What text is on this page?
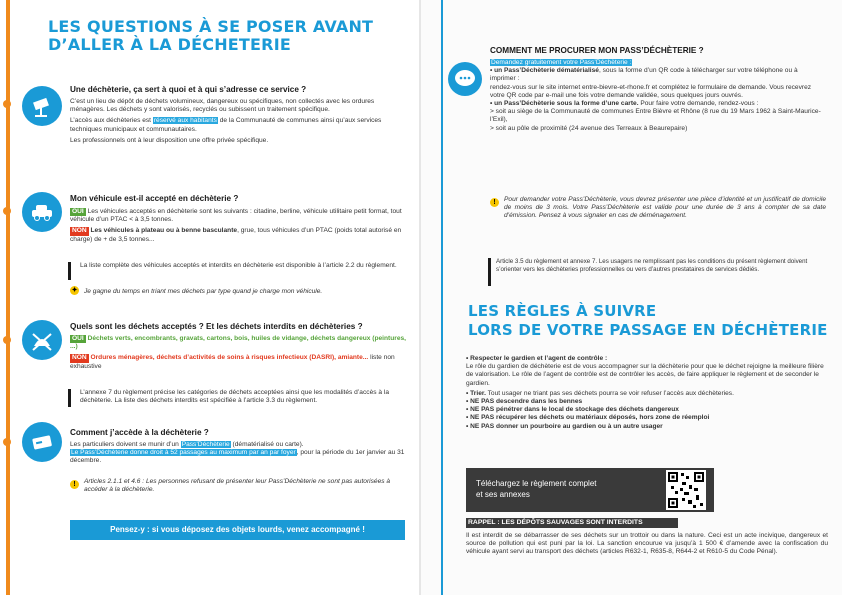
LES QUESTIONS À SE POSER AVANT
D’ALLER À LA DÉCHETERIE
Une déchèterie, ça sert à quoi et à qui s’adresse ce service ?
C’est un lieu de dépôt de déchets volumineux, dangereux ou spécifiques, non collectés avec les ordures ménagères. Les déchets y sont valorisés, recyclés ou subissent un traitement spécifique.
L’accès aux déchèteries est réservé aux habitants de la Communauté de communes ainsi qu’aux services techniques municipaux et communautaires.
Les professionnels ont à leur disposition une offre privée spécifique.
Mon véhicule est-il accepté en déchèterie ?
OUI Les véhicules acceptés en déchèterie sont les suivants : citadine, berline, véhicule utilitaire petit format, tout véhicule d’un PTAC < à 3,5 tonnes.
NON Les véhicules à plateau ou à benne basculante, grue, tous véhicules d’un PTAC (poids total autorisé en charge) de + de 3,5 tonnes...
La liste complète des véhicules acceptés et interdits en déchèterie est disponible à l’article 2.2 du règlement.
✦ Je gagne du temps en triant mes déchets par type quand je charge mon véhicule.
Quels sont les déchets acceptés ? Et les déchets interdits en déchèteries ?
OUI Déchets verts, encombrants, gravats, cartons, bois, huiles de vidange, déchets dangereux (peintures, ...)
NON Ordures ménagères, déchets d’activités de soins à risques infectieux (DASRI), amiante... liste non exhaustive
L’annexe 7 du règlement précise les catégories de déchets acceptées ainsi que les modalités d’accès à la déchèterie. La liste des déchets interdits est spécifiée à l’article 3.3 du règlement.
Comment j’accède à la déchèterie ?
Les particuliers doivent se munir d’un Pass’Déchèterie (dématérialisé ou carte).
Le Pass’Déchèterie donne droit à 52 passages au maximum par an par foyer, pour la période du 1er janvier au 31 décembre.
!	Articles 2.1.1 et 4.6 : Les personnes refusant de présenter leur Pass’Déchèterie ne sont pas autorisées à accéder à la déchèterie.
Pensez-y : si vous déposez des objets lourds, venez accompagné !
COMMENT ME PROCURER MON PASS’DÉCHÈTERIE ?
Demandez gratuitement votre Pass’Déchèterie :
• un Pass’Déchèterie dématérialisé, sous la forme d’un QR code à télécharger sur votre téléphone ou à imprimer :
rendez-vous sur le site internet entre-bievre-et-rhone.fr et complétez le formulaire de demande. Vous recevrez votre QR code par e-mail une fois votre demande validée, sous quelques jours ouvrés.
• un Pass’Déchèterie sous la forme d’une carte. Pour faire votre demande, rendez-vous :
> soit au siège de la Communauté de communes Entre Bièvre et Rhône (8 rue du 19 Mars 1962 à Saint-Maurice-l’Exil),
> soit au pôle de proximité (24 avenue des Terreaux à Beaurepaire)
!	Pour demander votre Pass’Déchèterie, vous devrez présenter une pièce d’identité et un justificatif de domicile de moins de 3 mois. Votre Pass’Déchèterie est valide pour une durée de 3 ans à compter de sa date d’émission. Pensez à vous signaler en cas de déménagement.
Article 3.5 du règlement et annexe 7. Les usagers ne remplissant pas les conditions du présent règlement doivent s’orienter vers les déchèteries professionnelles ou vers d’autres prestataires de services dédiés.
LES RÈGLES À SUIVRE
LORS DE VOTRE PASSAGE EN DÉCHÈTERIE
• Respecter le gardien et l’agent de contrôle :
Le rôle du gardien de déchèterie est de vous accompagner sur la déchèterie pour que le déchet rejoigne la meilleure filière de valorisation. Le rôle de l’agent de contrôle est de contrôler les accès, de faire appliquer le règlement et de seconder le gardien.
• Trier. Tout usager ne triant pas ses déchets pourra se voir refuser l’accès aux déchèteries.
• NE PAS descendre dans les bennes
• NE PAS pénétrer dans le local de stockage des déchets dangereux
• NE PAS récupérer les déchets ou matériaux déposés, hors zone de réemploi
• NE PAS donner un pourboire au gardien ou à un autre usager
Téléchargez le règlement complet
et ses annexes
RAPPEL : LES DÉPÔTS SAUVAGES SONT INTERDITS
Il est interdit de se débarrasser de ses déchets sur un trottoir ou dans la nature. Ceci est un acte incivique, dangereux et source de pollution qui est puni par la loi. La sanction encourue va jusqu’à 1 500 € d’amende avec la confiscation du véhicule ayant servi au transport des déchets (articles R632-1, R635-8, R644-2 et R610-5 du Code Pénal).
